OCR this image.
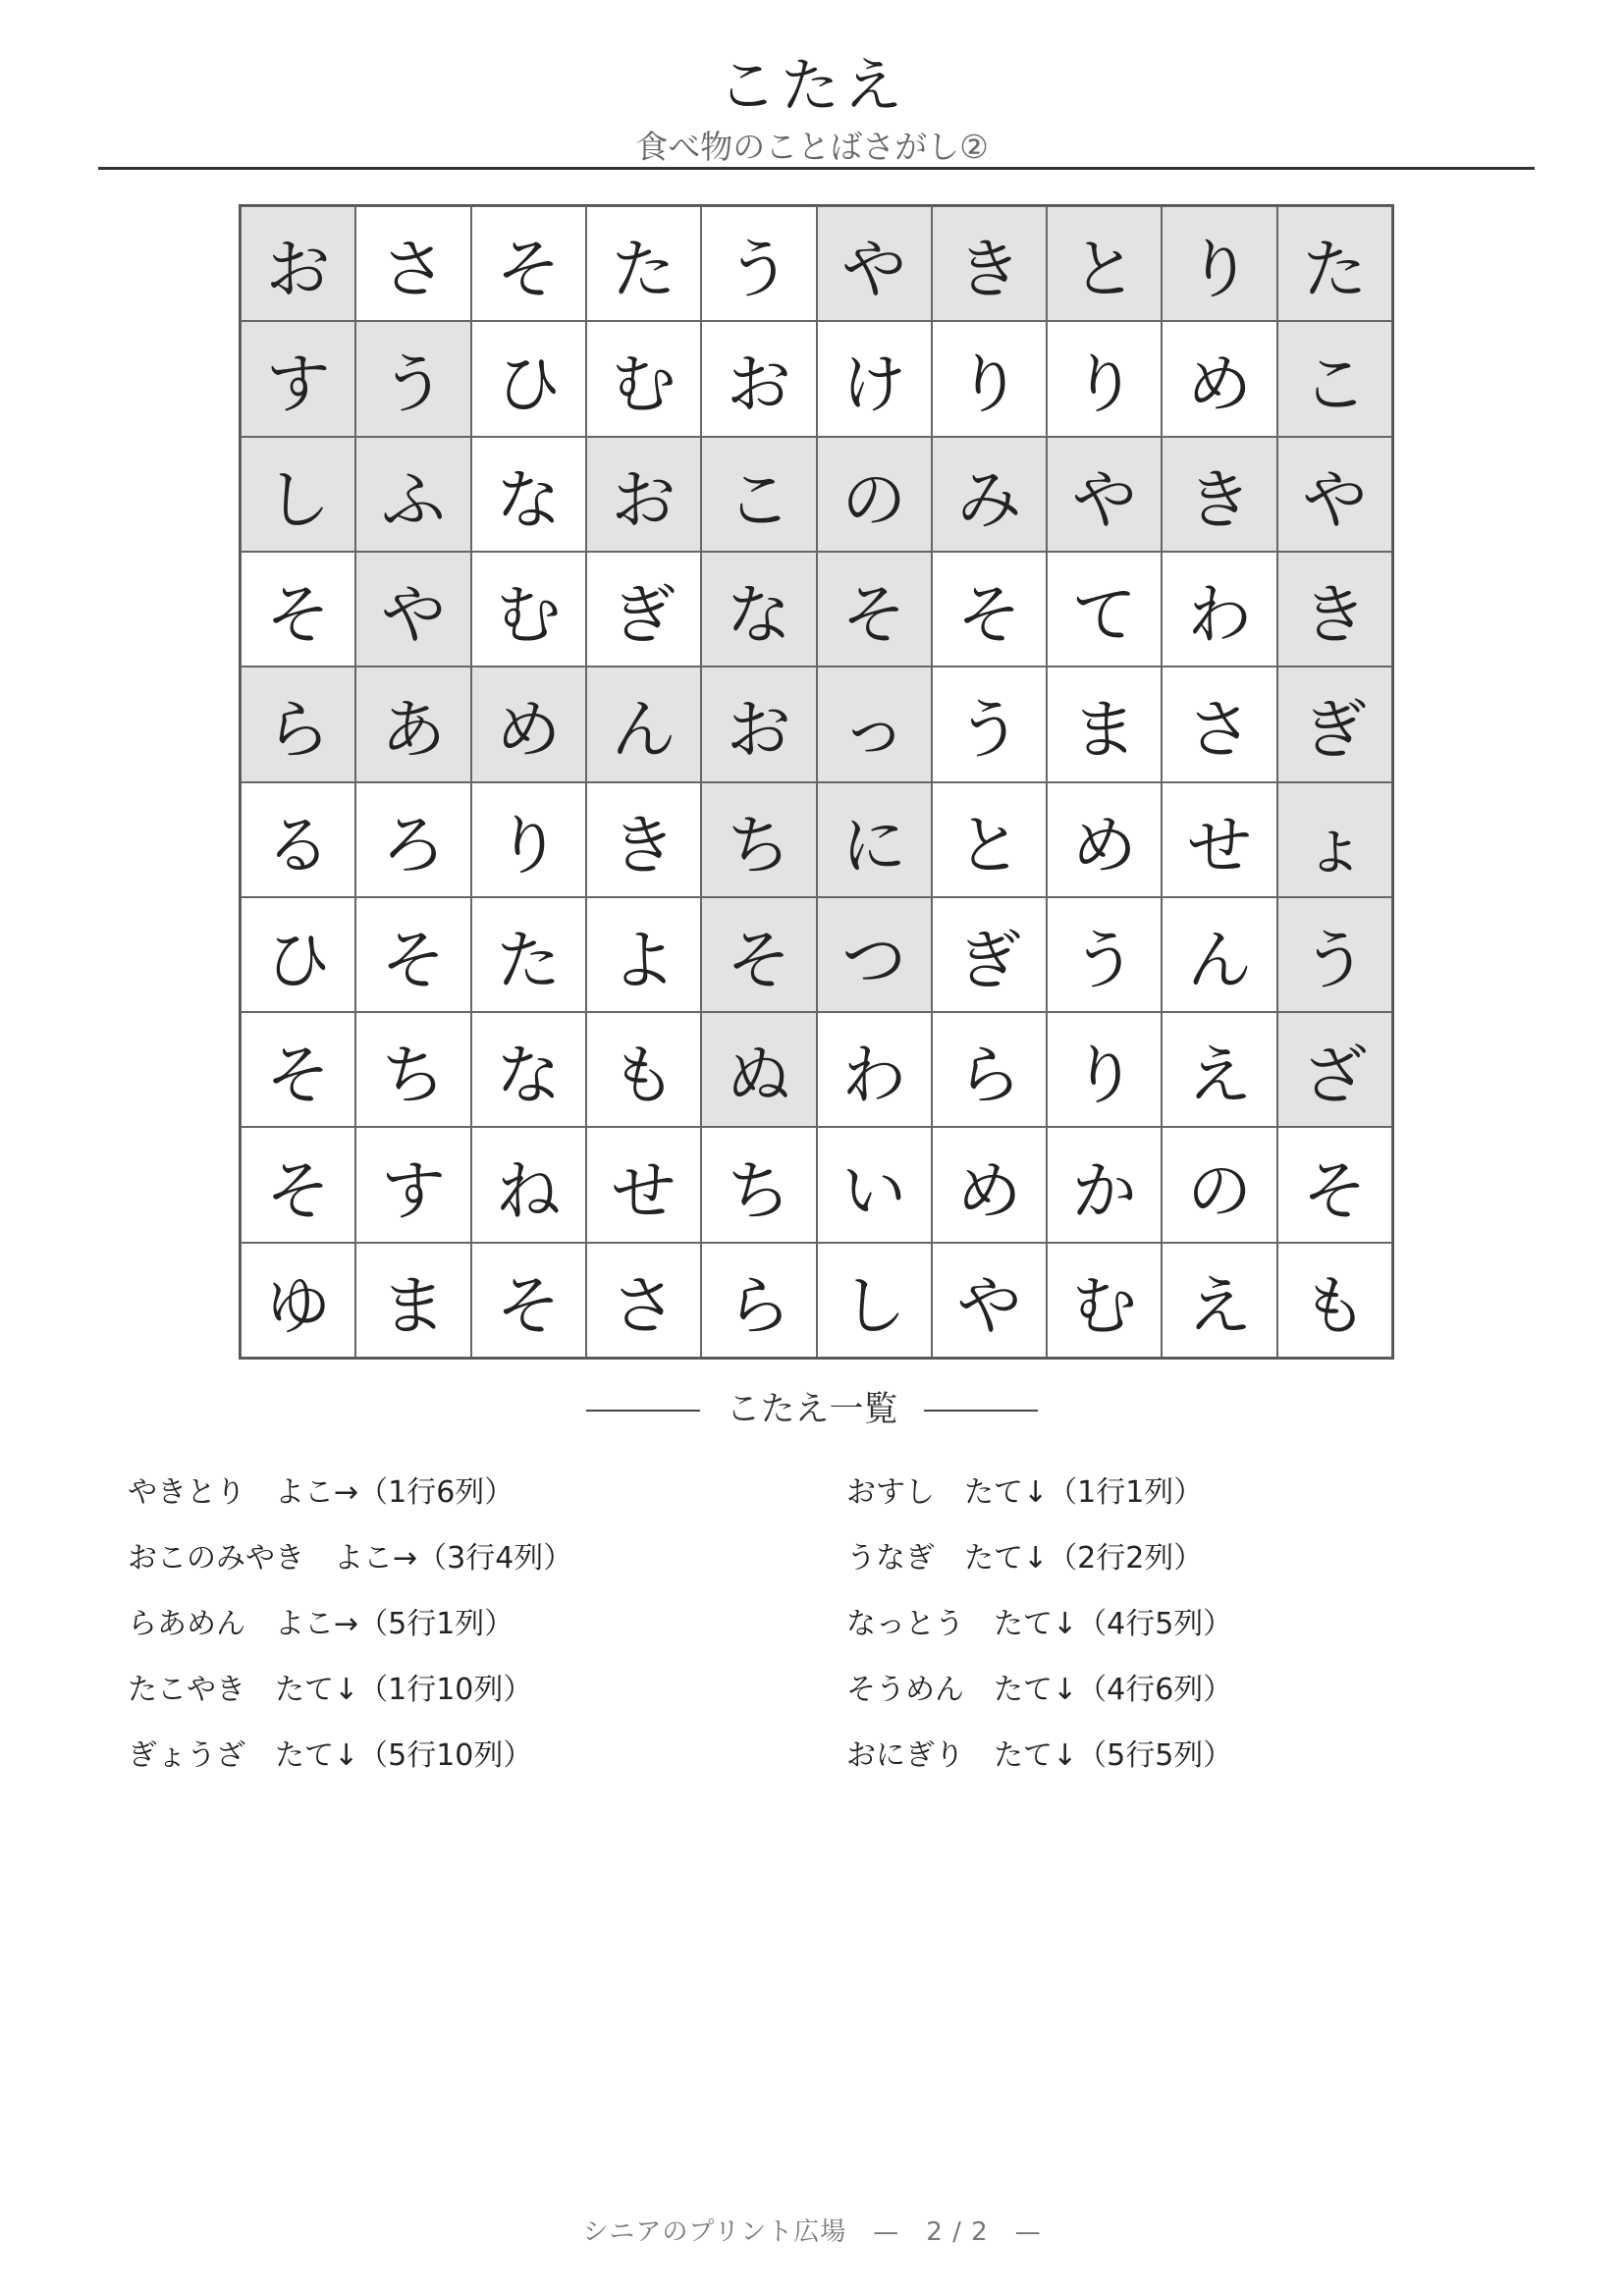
こたえ
食べ物のことばさがし②
お さ そ た う や き と り た
す う ひ む お け り り め こ
し ふ な お こ の み や き や
そ や む ぎ な そ そ て わ き
ら あ め ん お っ う ま さ ぎ
る ろ り き ち に と め せ ょ
ひ そ た よ そ つ ぎ う ん う
そ ち な も ぬ わ ら り え ざ
そ す ね せ ち い め か の そ
ゆ ま そ さ ら し や む え も
こたえ一覧
やきとり　よこ→（1行6列）
おこのみやき　よこ→（3行4列）
らあめん　よこ→（5行1列）
たこやき　たて↓（1行10列）
ぎょうざ　たて↓（5行10列）
おすし　たて↓（1行1列）
うなぎ　たて↓（2行2列）
なっとう　たて↓（4行5列）
そうめん　たて↓（4行6列）
おにぎり　たて↓（5行5列）
シニアのプリント広場　 —　2 / 2　—
